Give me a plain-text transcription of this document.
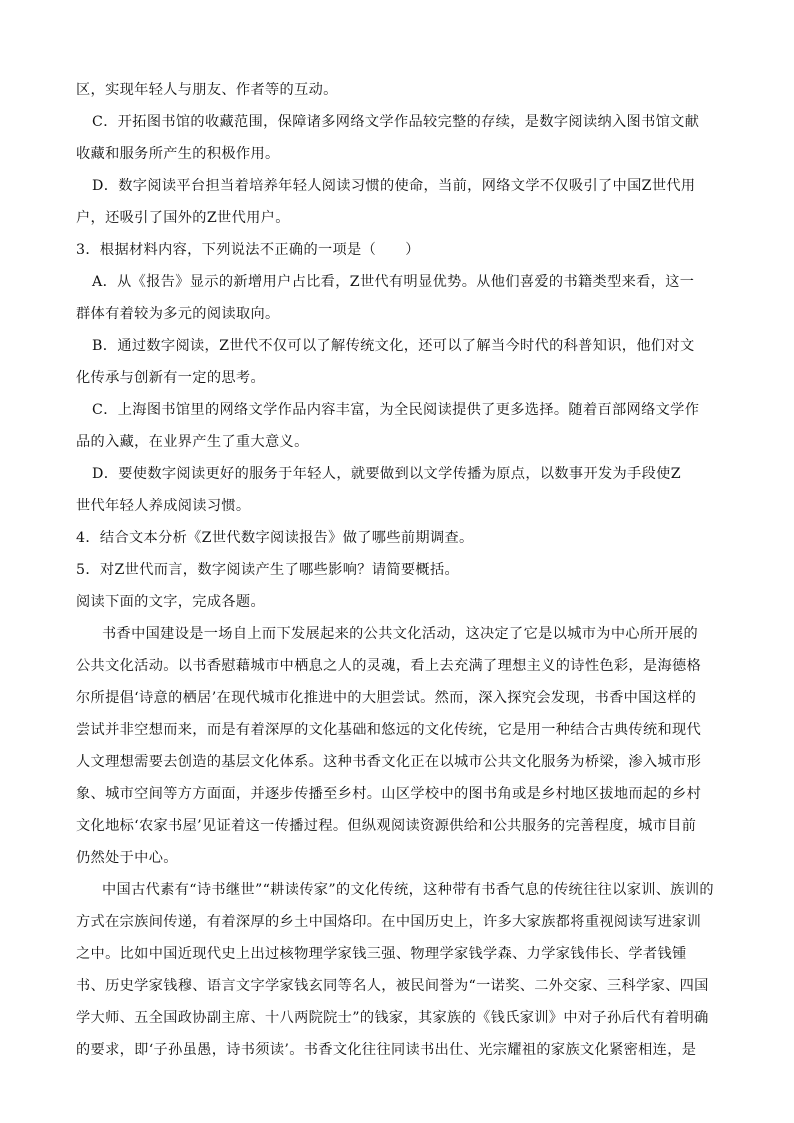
区，实现年轻人与朋友、作者等的互动。
C．开拓图书馆的收藏范围，保障诸多网络文学作品较完整的存续，是数字阅读纳入图书馆文献
收藏和服务所产生的积极作用。
D．数字阅读平台担当着培养年轻人阅读习惯的使命，当前，网络文学不仅吸引了中国Z世代用
户，还吸引了国外的Z世代用户。
3．根据材料内容，下列说法不正确的一项是（　　）
A．从《报告》显示的新增用户占比看，Z世代有明显优势。从他们喜爱的书籍类型来看，这一
群体有着较为多元的阅读取向。
B．通过数字阅读，Z世代不仅可以了解传统文化，还可以了解当今时代的科普知识，他们对文
化传承与创新有一定的思考。
C．上海图书馆里的网络文学作品内容丰富，为全民阅读提供了更多选择。随着百部网络文学作
品的入藏，在业界产生了重大意义。
D．要使数字阅读更好的服务于年轻人，就要做到以文学传播为原点，以数事开发为手段使Z
世代年轻人养成阅读习惯。
4．结合文本分析《Z世代数字阅读报告》做了哪些前期调查。
5．对Z世代而言，数字阅读产生了哪些影响？请简要概括。
阅读下面的文字，完成各题。
书香中国建设是一场自上而下发展起来的公共文化活动，这决定了它是以城市为中心所开展的
公共文化活动。以书香慰藉城市中栖息之人的灵魂，看上去充满了理想主义的诗性色彩，是海德格
尔所提倡‘诗意的栖居’在现代城市化推进中的大胆尝试。然而，深入探究会发现，书香中国这样的
尝试并非空想而来，而是有着深厚的文化基础和悠远的文化传统，它是用一种结合古典传统和现代
人文理想需要去创造的基层文化体系。这种书香文化正在以城市公共文化服务为桥梁，渗入城市形
象、城市空间等方方面面，并逐步传播至乡村。山区学校中的图书角或是乡村地区拔地而起的乡村
文化地标‘农家书屋’见证着这一传播过程。但纵观阅读资源供给和公共服务的完善程度，城市目前
仍然处于中心。
中国古代素有“诗书继世”“耕读传家”的文化传统，这种带有书香气息的传统往往以家训、族训的
方式在宗族间传递，有着深厚的乡土中国烙印。在中国历史上，许多大家族都将重视阅读写进家训
之中。比如中国近现代史上出过核物理学家钱三强、物理学家钱学森、力学家钱伟长、学者钱锺
书、历史学家钱穆、语言文字学家钱玄同等名人，被民间誉为“一诺奖、二外交家、三科学家、四国
学大师、五全国政协副主席、十八两院院士”的钱家，其家族的《钱氏家训》中对子孙后代有着明确
的要求，即‘子孙虽愚，诗书须读’。书香文化往往同读书出仕、光宗耀祖的家族文化紧密相连，是
